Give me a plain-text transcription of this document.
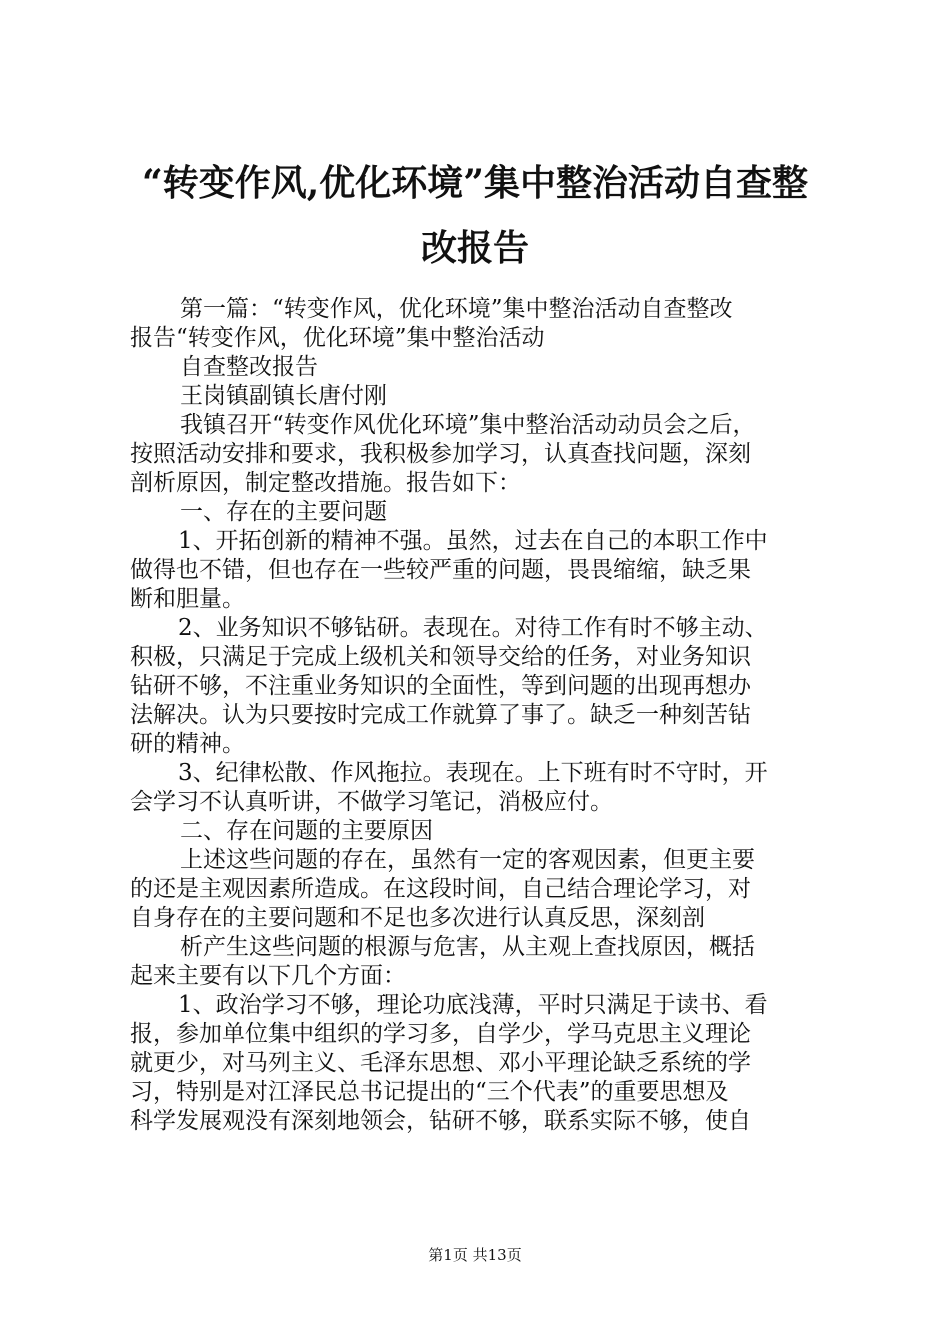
“转变作风,优化环境”集中整治活动自查整
改报告
第一篇：“转变作风，优化环境”集中整治活动自查整改
报告“转变作风，优化环境”集中整治活动
自查整改报告
王岗镇副镇长唐付刚
我镇召开“转变作风优化环境”集中整治活动动员会之后，
按照活动安排和要求，我积极参加学习，认真查找问题，深刻
剖析原因，制定整改措施。报告如下：
一、存在的主要问题
1、开拓创新的精神不强。虽然，过去在自己的本职工作中
做得也不错，但也存在一些较严重的问题，畏畏缩缩，缺乏果
断和胆量。
2、业务知识不够钻研。表现在。对待工作有时不够主动、
积极，只满足于完成上级机关和领导交给的任务，对业务知识
钻研不够，不注重业务知识的全面性，等到问题的出现再想办
法解决。认为只要按时完成工作就算了事了。缺乏一种刻苦钻
研的精神。
3、纪律松散、作风拖拉。表现在。上下班有时不守时，开
会学习不认真听讲，不做学习笔记，消极应付。
二、存在问题的主要原因
上述这些问题的存在，虽然有一定的客观因素，但更主要
的还是主观因素所造成。在这段时间，自己结合理论学习，对
自身存在的主要问题和不足也多次进行认真反思，深刻剖
析产生这些问题的根源与危害，从主观上查找原因，概括
起来主要有以下几个方面：
1、政治学习不够，理论功底浅薄，平时只满足于读书、看
报，参加单位集中组织的学习多，自学少，学马克思主义理论
就更少，对马列主义、毛泽东思想、邓小平理论缺乏系统的学
习，特别是对江泽民总书记提出的“三个代表”的重要思想及
科学发展观没有深刻地领会，钻研不够，联系实际不够，使自
第1页 共13页
